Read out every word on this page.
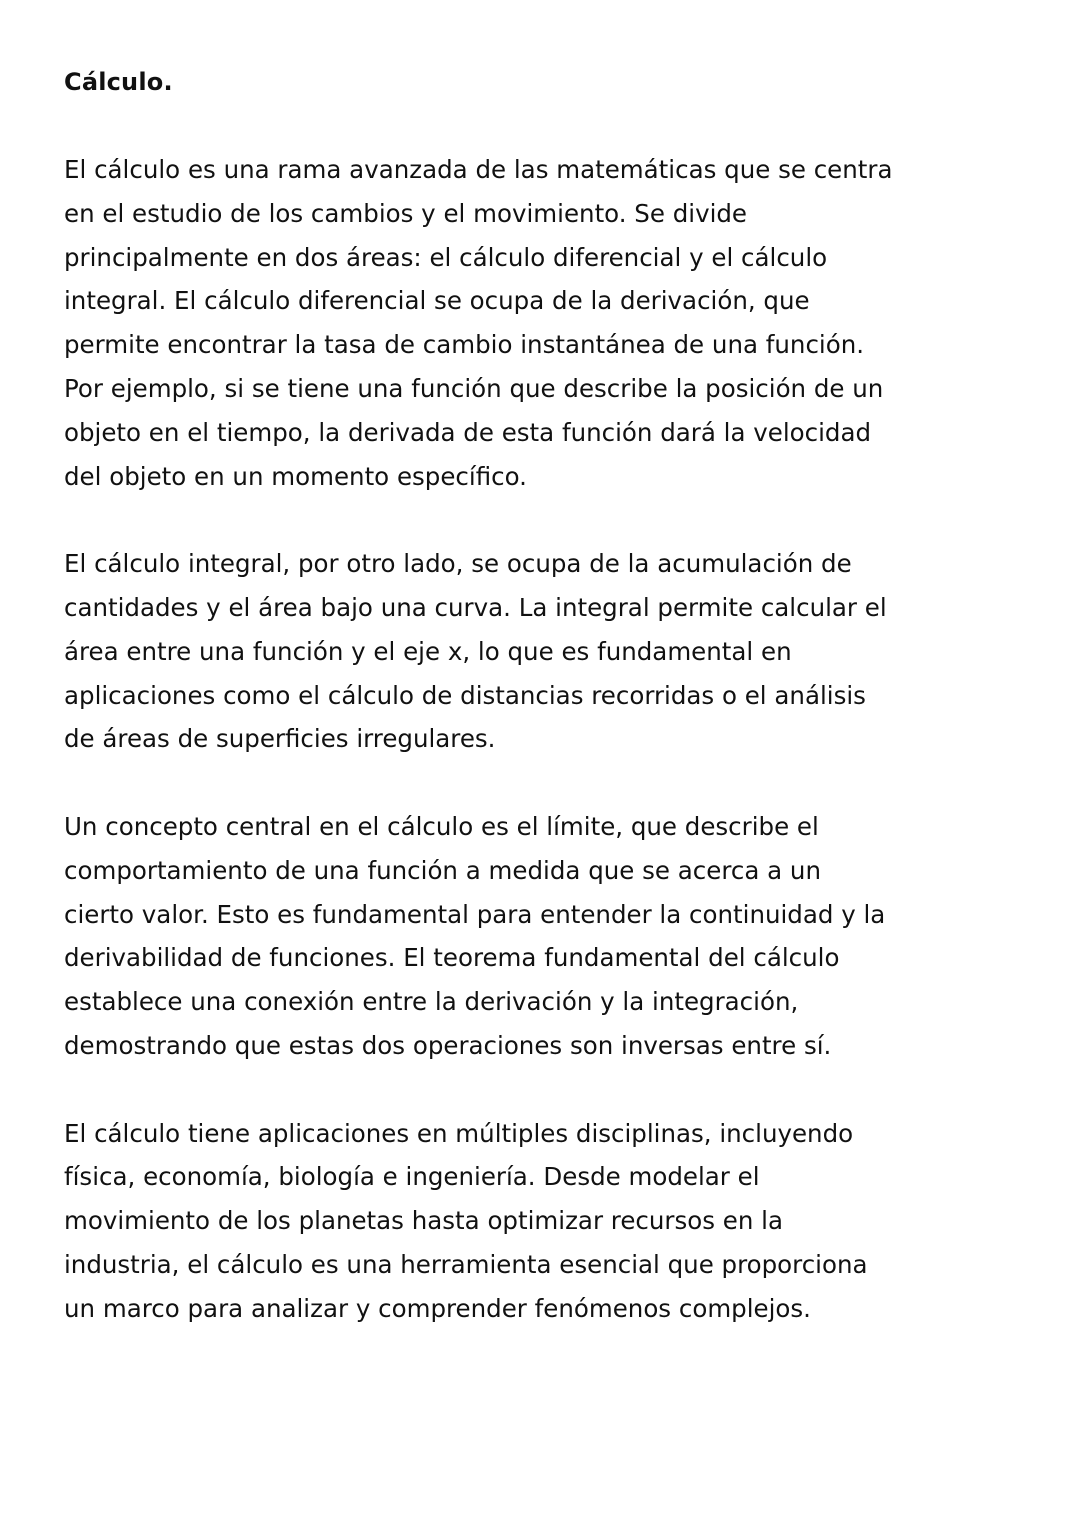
Cálculo.
El cálculo es una rama avanzada de las matemáticas que se centra
en el estudio de los cambios y el movimiento. Se divide
principalmente en dos áreas: el cálculo diferencial y el cálculo
integral. El cálculo diferencial se ocupa de la derivación, que
permite encontrar la tasa de cambio instantánea de una función.
Por ejemplo, si se tiene una función que describe la posición de un
objeto en el tiempo, la derivada de esta función dará la velocidad
del objeto en un momento específico.
El cálculo integral, por otro lado, se ocupa de la acumulación de
cantidades y el área bajo una curva. La integral permite calcular el
área entre una función y el eje x, lo que es fundamental en
aplicaciones como el cálculo de distancias recorridas o el análisis
de áreas de superficies irregulares.
Un concepto central en el cálculo es el límite, que describe el
comportamiento de una función a medida que se acerca a un
cierto valor. Esto es fundamental para entender la continuidad y la
derivabilidad de funciones. El teorema fundamental del cálculo
establece una conexión entre la derivación y la integración,
demostrando que estas dos operaciones son inversas entre sí.
El cálculo tiene aplicaciones en múltiples disciplinas, incluyendo
física, economía, biología e ingeniería. Desde modelar el
movimiento de los planetas hasta optimizar recursos en la
industria, el cálculo es una herramienta esencial que proporciona
un marco para analizar y comprender fenómenos complejos.
